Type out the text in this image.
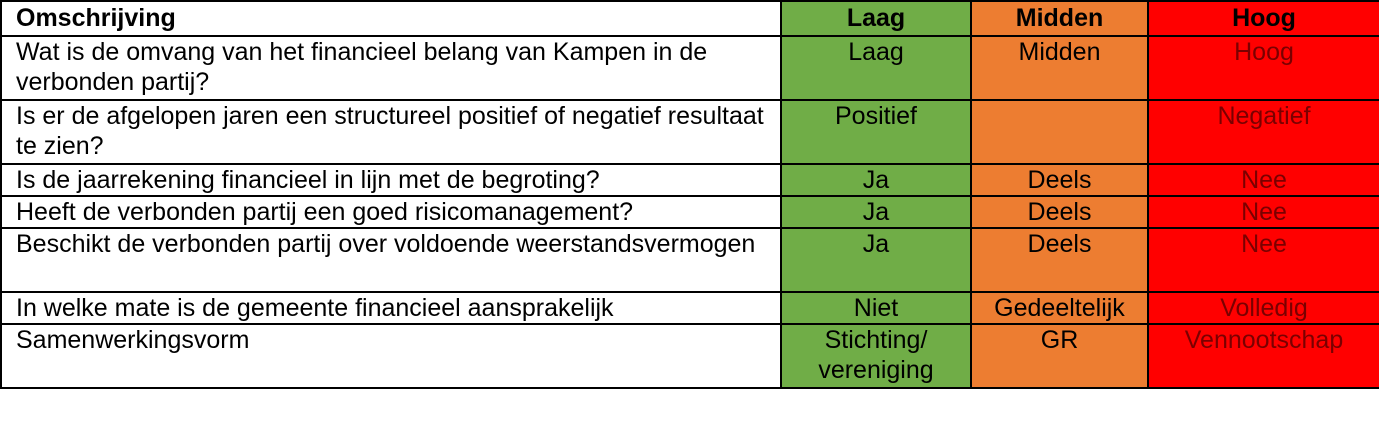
Omschrijving	Laag	Midden	Hoog
Wat is de omvang van het financieel belang van Kampen in de verbonden partij?	Laag	Midden	Hoog
Is er de afgelopen jaren een structureel positief of negatief resultaat te zien?	Positief		Negatief
Is de jaarrekening financieel in lijn met de begroting?	Ja	Deels	Nee
Heeft de verbonden partij een goed risicomanagement?	Ja	Deels	Nee
Beschikt de verbonden partij over voldoende weerstandsvermogen	Ja	Deels	Nee
In welke mate is de gemeente financieel aansprakelijk	Niet	Gedeeltelijk	Volledig
Samenwerkingsvorm	Stichting/ vereniging	GR	Vennootschap
